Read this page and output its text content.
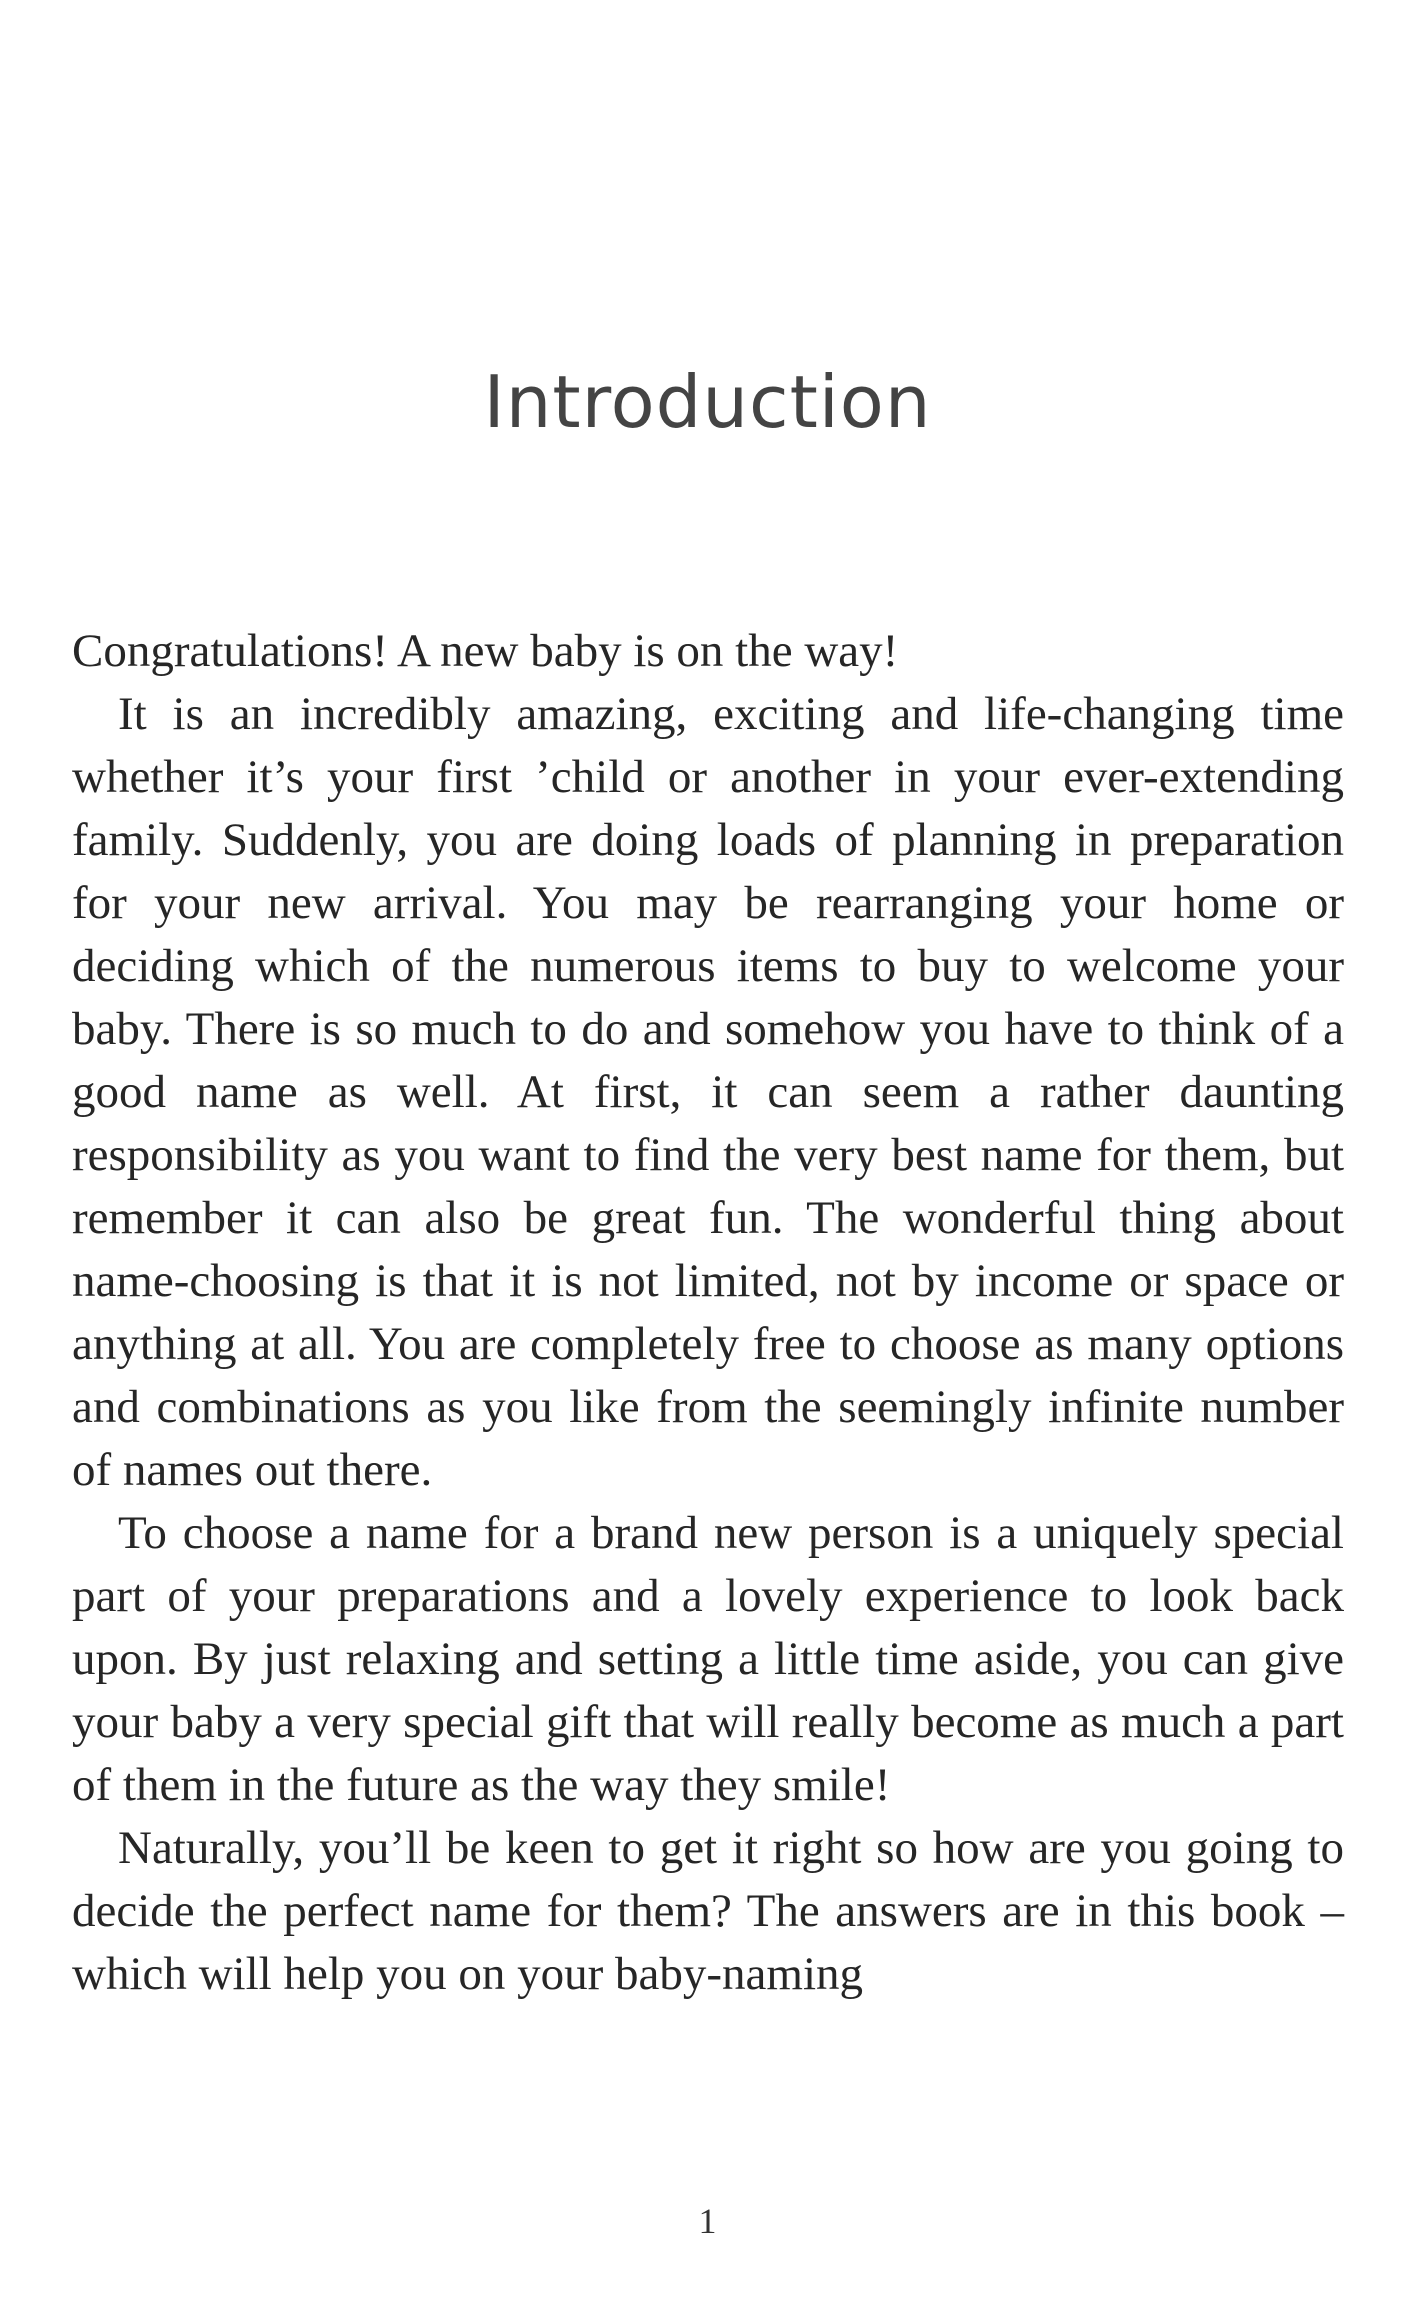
Introduction

Congratulations! A new baby is on the way!

It is an incredibly amazing, exciting and life-changing time whether it’s your first ’child or another in your ever-extending family. Suddenly, you are doing loads of planning in preparation for your new arrival. You may be rearranging your home or deciding which of the numerous items to buy to welcome your baby. There is so much to do and somehow you have to think of a good name as well. At first, it can seem a rather daunting responsibility as you want to find the very best name for them, but remember it can also be great fun. The wonderful thing about name-choosing is that it is not limited, not by income or space or anything at all. You are completely free to choose as many options and combinations as you like from the seemingly infinite number of names out there.

To choose a name for a brand new person is a uniquely special part of your preparations and a lovely experience to look back upon. By just relaxing and setting a little time aside, you can give your baby a very special gift that will really become as much a part of them in the future as the way they smile!

Naturally, you’ll be keen to get it right so how are you going to decide the perfect name for them? The answers are in this book – which will help you on your baby-naming

1
